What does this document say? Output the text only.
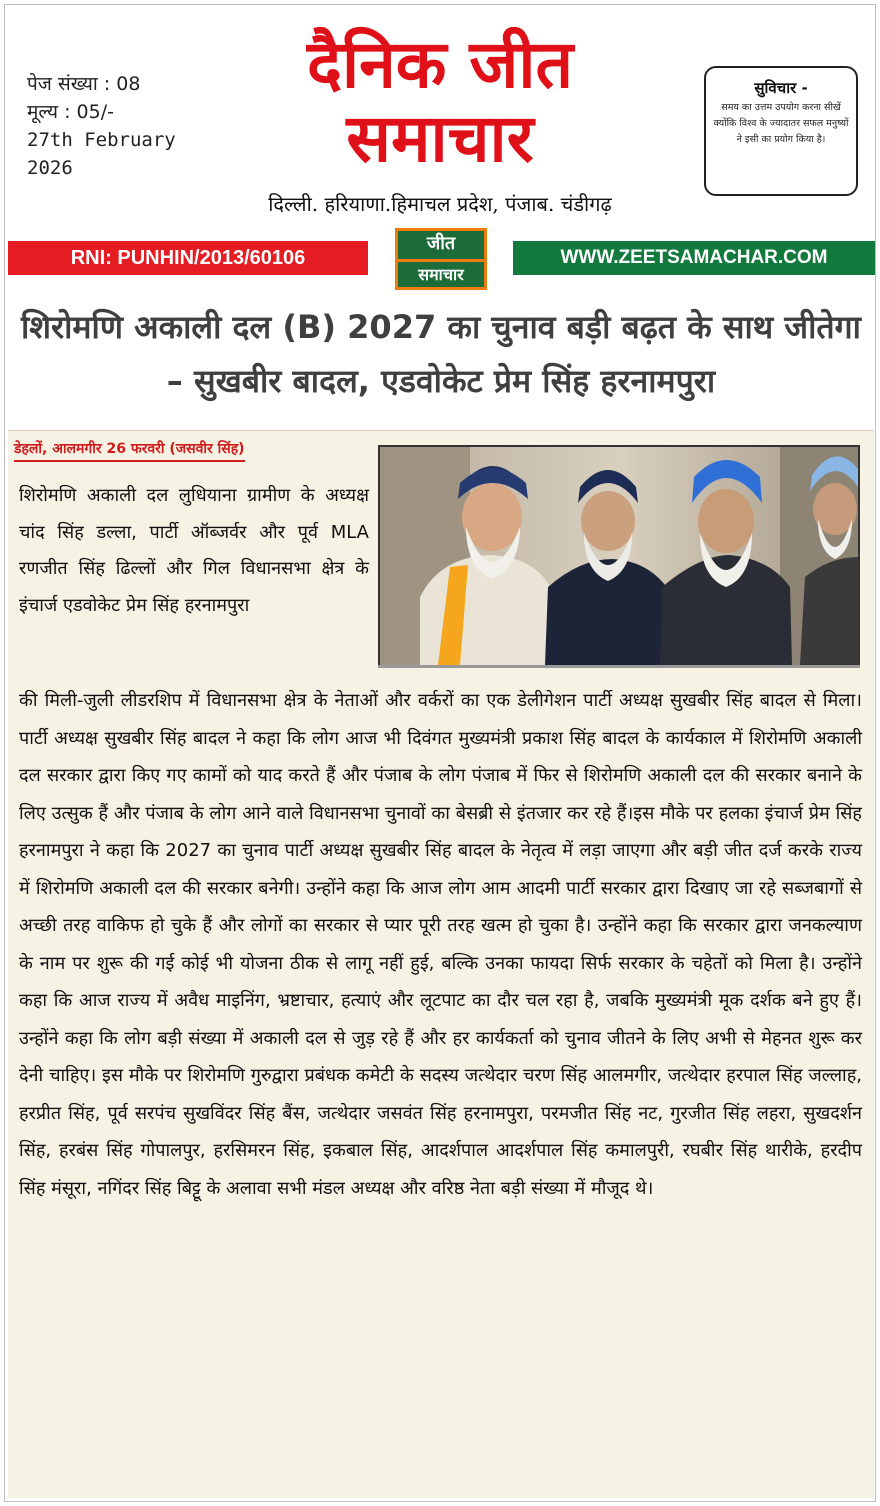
पेज संख्या : 08
मूल्य : 05/-
27th February
2026
दैनिक जीत
समाचार
दिल्ली. हरियाणा.हिमाचल प्रदेश, पंजाब. चंडीगढ़
सुविचार -
समय का उत्तम उपयोग करना सीखें क्योंकि विश्व के ज्यादातर सफल मनुष्यों ने इसी का प्रयोग किया है।
RNI: PUNHIN/2013/60106
जीत
समाचार
WWW.ZEETSAMACHAR.COM
शिरोमणि अकाली दल (B) 2027 का चुनाव बड़ी बढ़त के साथ जीतेगा – सुखबीर बादल, एडवोकेट प्रेम सिंह हरनामपुरा
डेहलों, आलमगीर 26 फरवरी (जसवीर सिंह)

शिरोमणि अकाली दल लुधियाना ग्रामीण के अध्यक्ष चांद सिंह डल्ला, पार्टी ऑब्जर्वर और पूर्व MLA रणजीत सिंह ढिल्लों और गिल विधानसभा क्षेत्र के इंचार्ज एडवोकेट प्रेम सिंह हरनामपुरा

की मिली-जुली लीडरशिप में विधानसभा क्षेत्र के नेताओं और वर्करों का एक डेलीगेशन पार्टी अध्यक्ष सुखबीर सिंह बादल से मिला। पार्टी अध्यक्ष सुखबीर सिंह बादल ने कहा कि लोग आज भी दिवंगत मुख्यमंत्री प्रकाश सिंह बादल के कार्यकाल में शिरोमणि अकाली दल सरकार द्वारा किए गए कामों को याद करते हैं और पंजाब के लोग पंजाब में फिर से शिरोमणि अकाली दल की सरकार बनाने के लिए उत्सुक हैं और पंजाब के लोग आने वाले विधानसभा चुनावों का बेसब्री से इंतजार कर रहे हैं।इस मौके पर हलका इंचार्ज प्रेम सिंह हरनामपुरा ने कहा कि 2027 का चुनाव पार्टी अध्यक्ष सुखबीर सिंह बादल के नेतृत्व में लड़ा जाएगा और बड़ी जीत दर्ज करके राज्य में शिरोमणि अकाली दल की सरकार बनेगी। उन्होंने कहा कि आज लोग आम आदमी पार्टी सरकार द्वारा दिखाए जा रहे सब्जबागों से अच्छी तरह वाकिफ हो चुके हैं और लोगों का सरकार से प्यार पूरी तरह खत्म हो चुका है। उन्होंने कहा कि सरकार द्वारा जनकल्याण के नाम पर शुरू की गई कोई भी योजना ठीक से लागू नहीं हुई, बल्कि उनका फायदा सिर्फ सरकार के चहेतों को मिला है। उन्होंने कहा कि आज राज्य में अवैध माइनिंग, भ्रष्टाचार, हत्याएं और लूटपाट का दौर चल रहा है, जबकि मुख्यमंत्री मूक दर्शक बने हुए हैं। उन्होंने कहा कि लोग बड़ी संख्या में अकाली दल से जुड़ रहे हैं और हर कार्यकर्ता को चुनाव जीतने के लिए अभी से मेहनत शुरू कर देनी चाहिए। इस मौके पर शिरोमणि गुरुद्वारा प्रबंधक कमेटी के सदस्य जत्थेदार चरण सिंह आलमगीर, जत्थेदार हरपाल सिंह जल्लाह, हरप्रीत सिंह, पूर्व सरपंच सुखविंदर सिंह बैंस, जत्थेदार जसवंत सिंह हरनामपुरा, परमजीत सिंह नट, गुरजीत सिंह लहरा, सुखदर्शन सिंह, हरबंस सिंह गोपालपुर, हरसिमरन सिंह, इकबाल सिंह, आदर्शपाल आदर्शपाल सिंह कमालपुरी, रघबीर सिंह थारीके, हरदीप सिंह मंसूरा, नगिंदर सिंह बिट्टू के अलावा सभी मंडल अध्यक्ष और वरिष्ठ नेता बड़ी संख्या में मौजूद थे।
